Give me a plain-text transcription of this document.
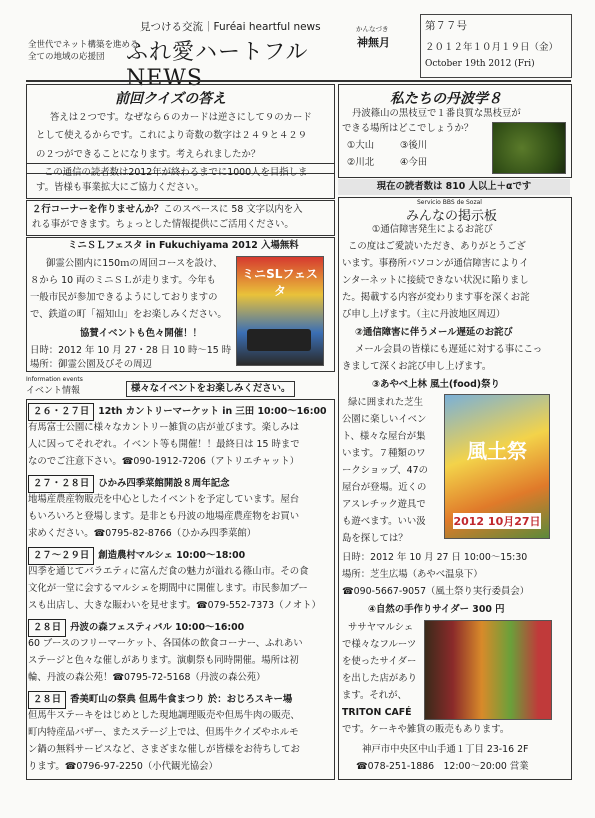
見つける交流｜Furéai heartful news
全世代でネット構築を進める
全ての地域の応援団 ふれ愛ハートフルNEWS
かんなづき
神無月
第７７号
２０１２年１０月１９日（金）
October 19th 2012 (Fri)
前回クイズの答え
答えは２つです。なぜなら６のカードは逆さにして９のカード
として使えるからです。これにより奇数の数字は２４９と４２９
の２つができることになります。考えられましたか？
この通信の読者数は2012年が終わるまでに1000人を目指しま
す。皆様も事業拡大にご協力ください。
２行コーナーを作りませんか？このスペースに 58 文字以内を入
れる事ができます。ちょっとした情報提供にご活用ください。
ミニＳＬフェスタ in Fukuchiyama 2012 入場無料
御霊公園内に150ｍの周回コースを設け、
８から 10 両のミニＳＬが走ります。今年も
一般市民が参加できるようにしておりますの
で、鉄道の町「福知山」をお楽しみください。
協賛イベントも色々開催！！
日時：2012 年 10 月 27・28 日 10 時〜15 時
場所：御霊公園及びその周辺
ミニSLフェスタ
Information events
イベント情報	様々なイベントをお楽しみください。
２６・２７日 12th カントリーマーケット in 三田 10:00〜16:00
有馬富士公園に様々なカントリー雑貨の店が並びます。楽しみは
人に因ってそれぞれ。イベント等も開催！！最終日は 15 時まで
なのでご注意下さい。☎090-1912-7206（アトリエチャット）
２７・２８日 ひかみ四季菜館開設８周年記念
地場産農産物販売を中心としたイベントを予定しています。屋台
もいろいろと登場します。是非とも丹波の地場産農産物をお買い
求めください。☎0795-82-8766（ひかみ四季菜館）
２７〜２９日 創造農村マルシェ 10:00〜18:00
四季を通じてバラエティに富んだ食の魅力が溢れる篠山市。その食
文化が一堂に会するマルシェを期間中に開催します。市民参加ブー
スも出店し、大きな賑わいを見せます。☎079-552-7373（ノオト）
２８日 丹波の森フェスティバル 10:00〜16:00
60 ブースのフリーマーケット、各国体の飲食コーナー、ふれあい
ステージと色々な催しがあります。演劇祭も同時開催。場所は初
輪、丹波の森公苑！☎0795-72-5168（丹波の森公苑）
２８日 香美町山の祭典 但馬牛食まつり 於：おじろスキー場
但馬牛ステーキをはじめとした現地調理販売や但馬牛肉の販売、
町内特産品バザー、またステージ上では、但馬牛クイズやホルモ
ン鍋の無料サービスなど、さまざまな催しが皆様をお待ちしてお
ります。☎0796-97-2250（小代観光協会）
私たちの丹波学８
丹波篠山の黒枝豆で１番良質な黒枝豆が
できる場所はどこでしょうか？
①大山	③後川
②川北	④今田
現在の読者数は 810 人以上＋αです
Servicio BBS de Sozal
みんなの掲示板
①通信障害発生によるお詫び
この度はご愛読いただき、ありがとうござ
います。事務所パソコンが通信障害によりイ
ンターネットに接続できない状況に陥りまし
た。掲載する内容が変わります事を深くお詫
び申し上げます。（主に丹波地区周辺）
②通信障害に伴うメール遅延のお詫び
メール会員の皆様にも遅延に対する事にこっ
きまして深くお詫び申し上げます。
③あやべ上林 風土(food)祭り
緑に囲まれた芝生
公園に楽しいイベン
ト、様々な屋台が集
います。７種類のワ
ークショップ、47の
屋台が登場。近くの
アスレチック遊具で
も遊べます。いい汲
島を探しては？
風土祭
2012 10月27日
日時：2012 年 10 月 27 日 10:00〜15:30
場所：芝生広場（あやべ温泉下）
☎090-5667-9057（風土祭り実行委員会）
④自然の手作りサイダー 300 円
ササヤマルシェ
で様々なフルーツ
を使ったサイダー
を出した店があり
ます。それが、
TRITON CAFÉ
です。ケーキや雑貨の販売もあります。
神戸市中央区中山手通１丁目 23-16 2F
☎078-251-1886　12:00〜20:00 営業
